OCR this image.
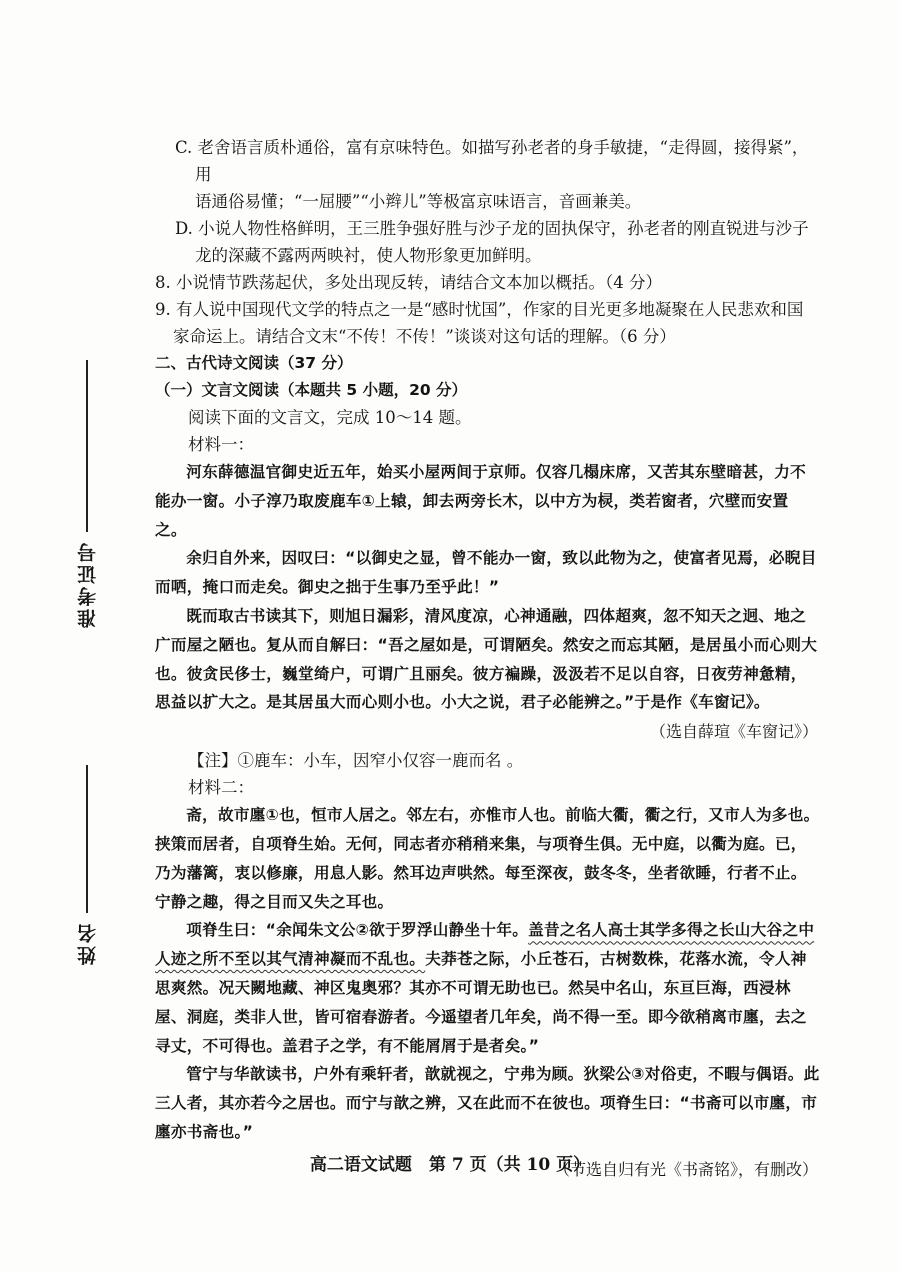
准考证号
姓名

C. 老舍语言质朴通俗，富有京味特色。如描写孙老者的身手敏捷，“走得圆，接得紧”，用
语通俗易懂；“一屈腰”“小辫儿”等极富京味语言，音画兼美。

D. 小说人物性格鲜明，王三胜争强好胜与沙子龙的固执保守，孙老者的刚直锐进与沙子
龙的深藏不露两两映衬，使人物形象更加鲜明。

8. 小说情节跌荡起伏，多处出现反转，请结合文本加以概括。（4 分）

9. 有人说中国现代文学的特点之一是“感时忧国”，作家的目光更多地凝聚在人民悲欢和国
家命运上。请结合文末“不传！不传！”谈谈对这句话的理解。（6 分）

二、古代诗文阅读（37 分）

（一）文言文阅读（本题共 5 小题，20 分）

阅读下面的文言文，完成 10～14 题。

材料一：

河东薛德温官御史近五年，始买小屋两间于京师。仅容几榻床席，又苦其东壁暗甚，力不能办一窗。小子淳乃取废鹿车①上辕，卸去两旁长木，以中方为棂，类若窗者，穴壁而安置之。

余归自外来，因叹曰：“以御史之显，曾不能办一窗，致以此物为之，使富者见焉，必睨目而哂，掩口而走矣。御史之拙于生事乃至乎此！”

既而取古书读其下，则旭日漏彩，清风度凉，心神通融，四体超爽，忽不知天之迥、地之广而屋之陋也。复从而自解曰：“吾之屋如是，可谓陋矣。然安之而忘其陋，是居虽小而心则大也。彼贪民侈士，巍堂绮户，可谓广且丽矣。彼方褊躁，汲汲若不足以自容，日夜劳神惫精，思益以扩大之。是其居虽大而心则小也。小大之说，君子必能辨之。”于是作《车窗记》。

（选自薛瑄《车窗记》）

【注】①鹿车：小车，因窄小仅容一鹿而名 。

材料二：

斋，故市廛①也，恒市人居之。邻左右，亦惟市人也。前临大衢，衢之行，又市人为多也。挟策而居者，自项脊生始。无何，同志者亦稍稍来集，与项脊生俱。无中庭，以衢为庭。已，乃为藩篱，衷以修廉，用息人影。然耳边声哄然。每至深夜，鼓冬冬，坐者欲睡，行者不止。宁静之趣，得之目而又失之耳也。

项脊生曰：“余闻朱文公②欲于罗浮山静坐十年。盖昔之名人高士其学多得之长山大谷之中人迹之所不至以其气清神凝而不乱也。夫莽苍之际，小丘苍石，古树数株，花落水流，令人神思爽然。况天闕地藏、神区鬼奥邪？其亦不可谓无助也已。然吴中名山，东亘巨海，西浸林屋、洞庭，类非人世，皆可宿春游者。今遥望者几年矣，尚不得一至。即今欲稍离市廛，去之寻丈，不可得也。盖君子之学，有不能屑屑于是者矣。”

管宁与华歆读书，户外有乘轩者，歆就视之，宁弗为顾。狄梁公③对俗吏，不暇与偶语。此三人者，其亦若今之居也。而宁与歆之辨，又在此而不在彼也。项脊生曰：“书斋可以市廛，市廛亦书斋也。”

（节选自归有光《书斋铭》，有删改）

高二语文试题　第 7 页（共 10 页）
